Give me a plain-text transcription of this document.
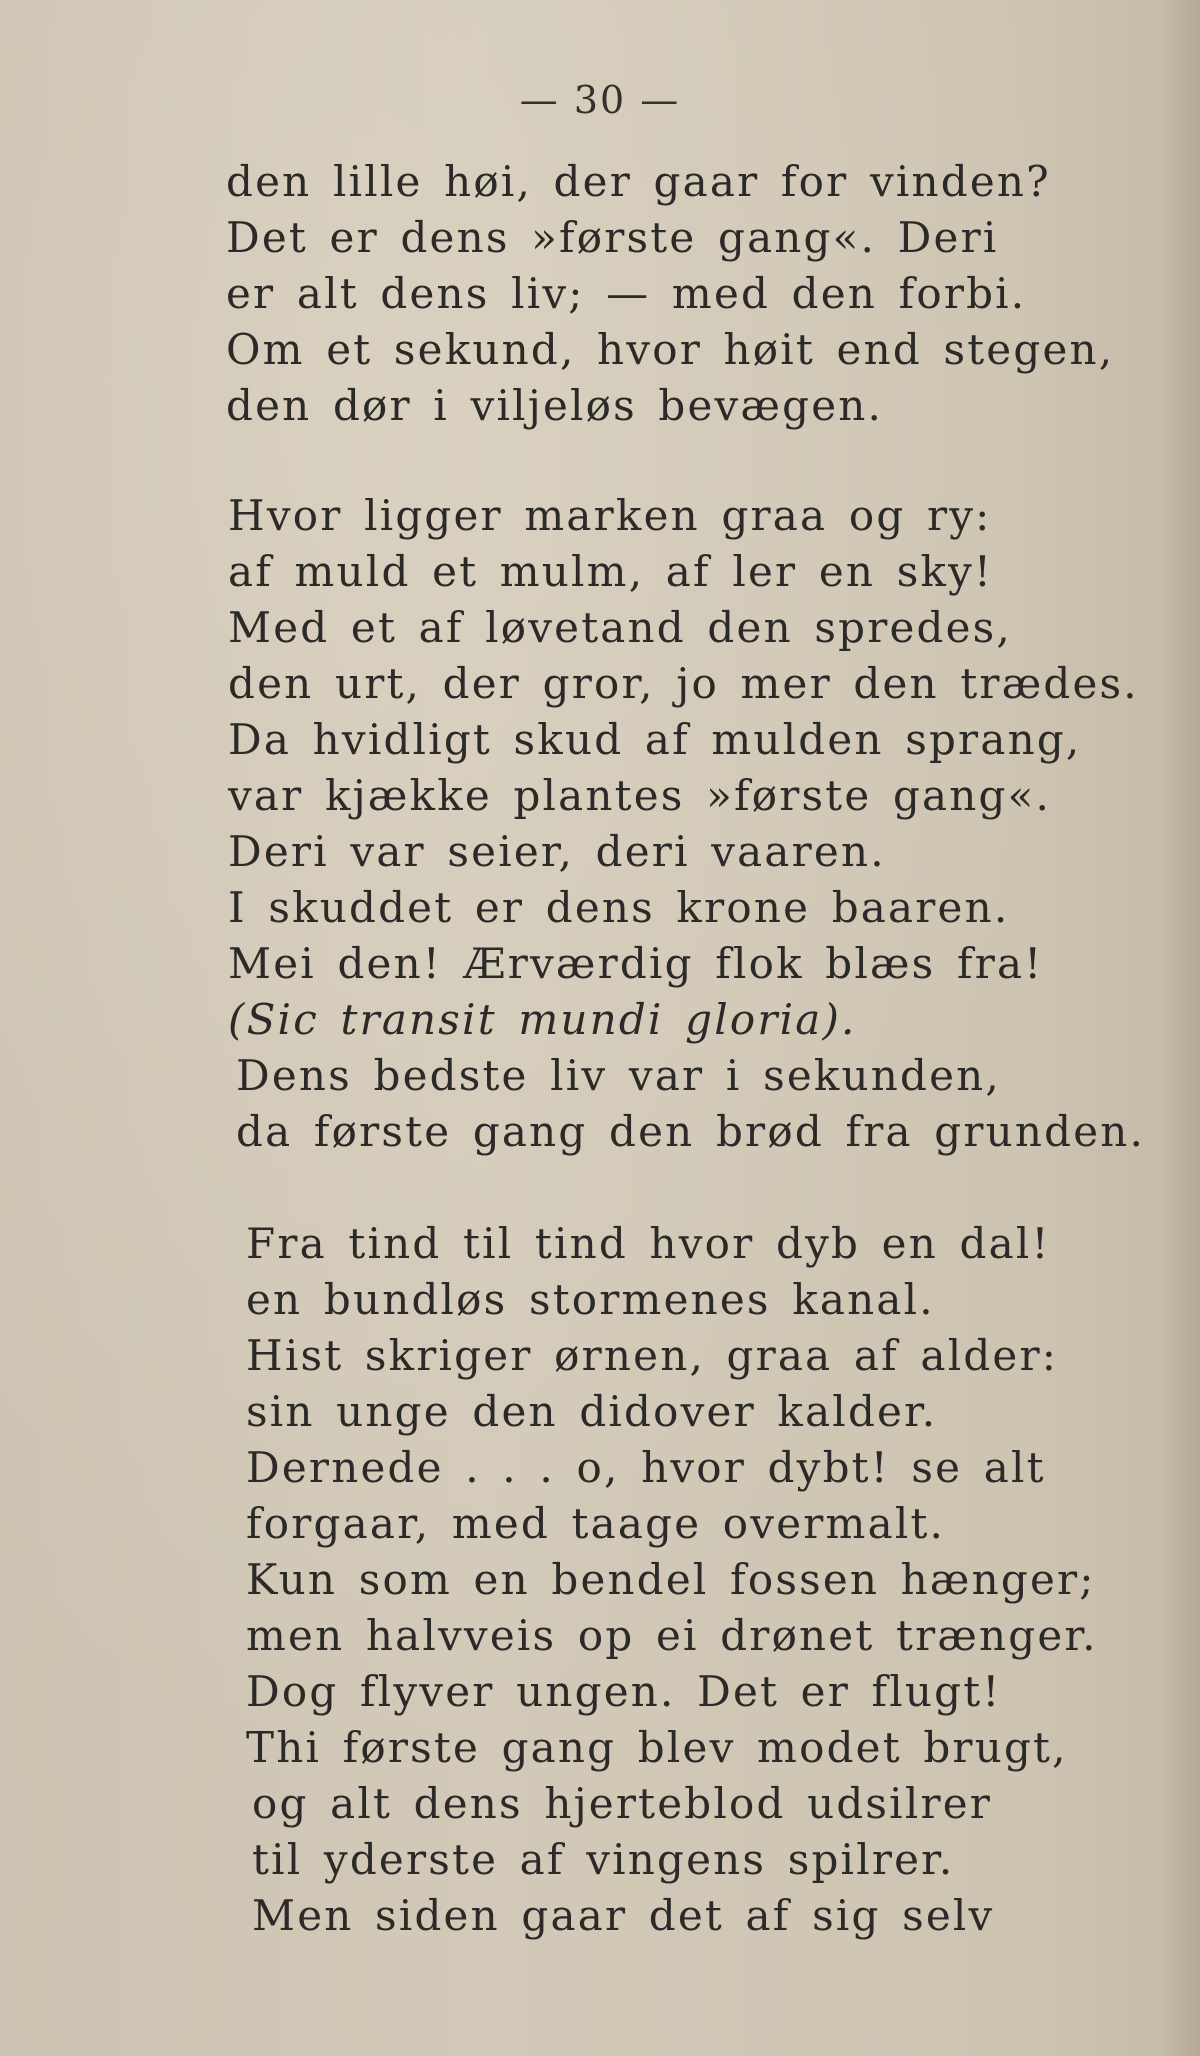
— 30 —
den lille høi, der gaar for vinden?
Det er dens »første gang«. Deri
er alt dens liv; — med den forbi.
Om et sekund, hvor høit end stegen,
den dør i viljeløs bevægen.
Hvor ligger marken graa og ry:
af muld et mulm, af ler en sky!
Med et af løvetand den spredes,
den urt, der gror, jo mer den trædes.
Da hvidligt skud af mulden sprang,
var kjække plantes »første gang«.
Deri var seier, deri vaaren.
I skuddet er dens krone baaren.
Mei den! Ærværdig flok blæs fra!
(Sic transit mundi gloria).
Dens bedste liv var i sekunden,
da første gang den brød fra grunden.
Fra tind til tind hvor dyb en dal!
en bundløs stormenes kanal.
Hist skriger ørnen, graa af alder:
sin unge den didover kalder.
Dernede . . . o, hvor dybt! se alt
forgaar, med taage overmalt.
Kun som en bendel fossen hænger;
men halvveis op ei drønet trænger.
Dog flyver ungen. Det er flugt!
Thi første gang blev modet brugt,
og alt dens hjerteblod udsilrer
til yderste af vingens spilrer.
Men siden gaar det af sig selv
